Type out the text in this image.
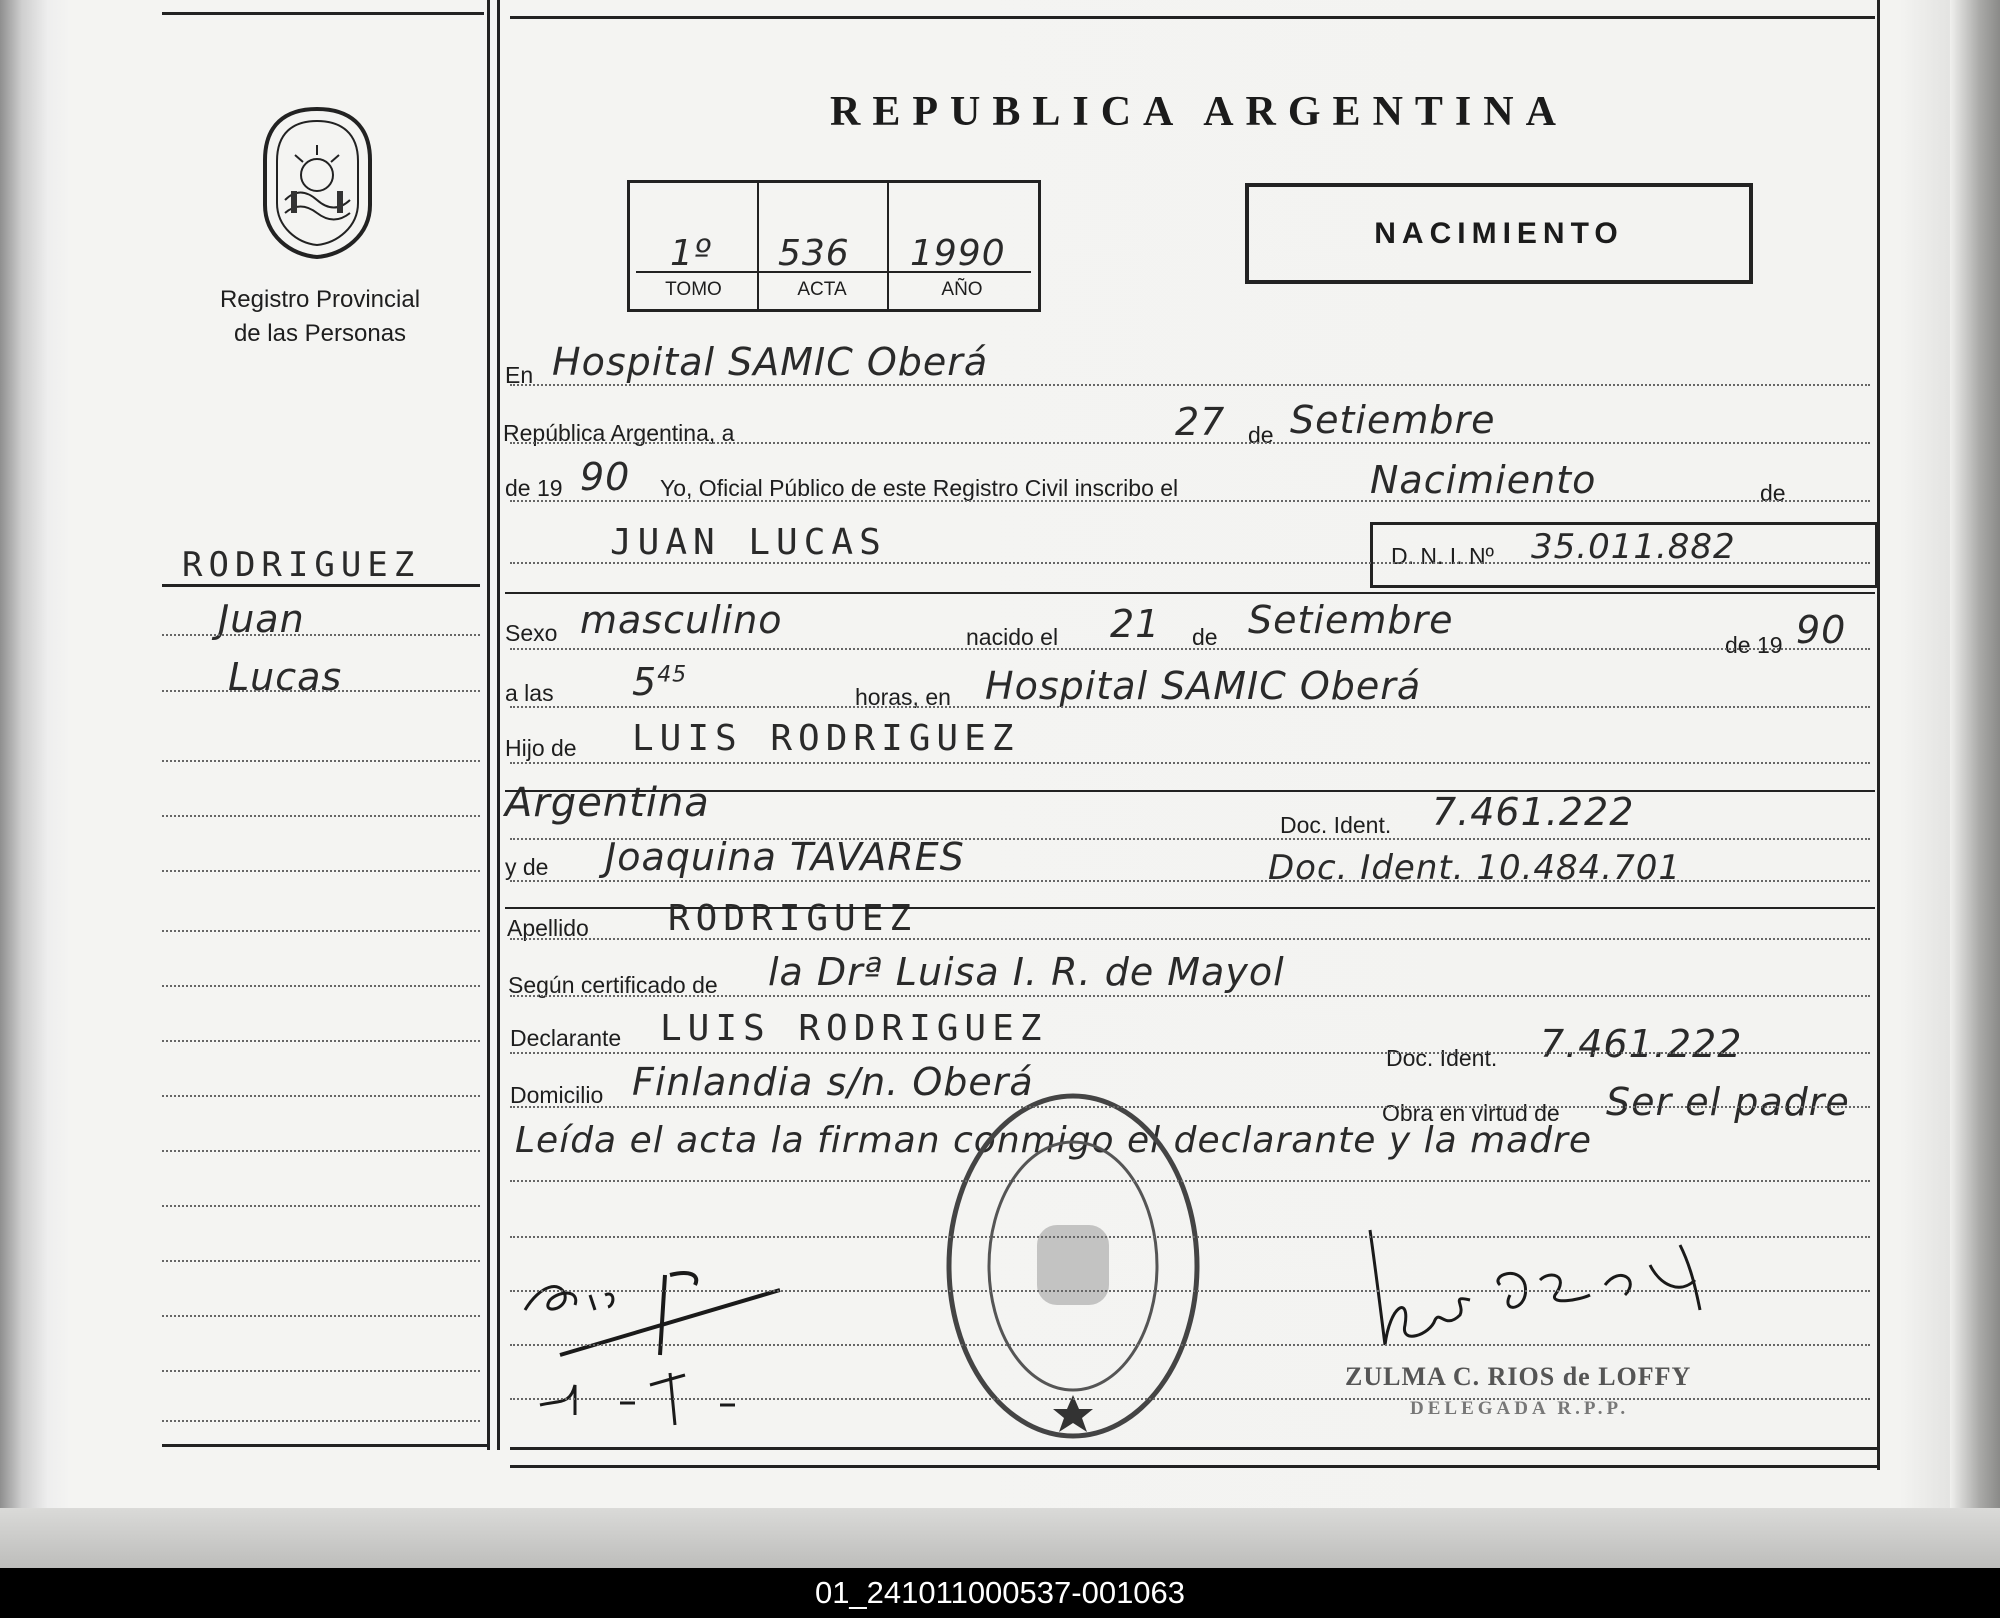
Registro Provincial
de las Personas
REPUBLICA ARGENTINA
1º 536 1990
TOMO	ACTA	AÑO
NACIMIENTO
RODRIGUEZ
Juan
Lucas
En Hospital SAMIC Oberá
República Argentina, a	27 de Setiembre
de 19 90 Yo, Oficial Público de este Registro Civil inscribo el	Nacimiento	de
JUAN LUCAS	D. N. I. Nº 35.011.882
Sexo masculino	nacido el 21 de Setiembre
de 19 90
a las $5^{45}$
horas, en Hospital SAMIC Oberá
Hijo de LUIS RODRIGUEZ
Argentina	Doc. Ident. 7.461.222
y de Joaquina TAVARES	Doc. Ident. 10.484.701
Apellido RODRIGUEZ
Según certificado de la Drª Luisa I. R. de Mayol
Declarante LUIS RODRIGUEZ
Doc. Ident. 7.461.222
Domicilio Finlandia s/n. Oberá
Obra en virtud de Ser el padre
Leída el acta la firman conmigo el declarante y la madre
ZULMA C. RIOS de LOFFY
DELEGADA R.P.P.
01_241011000537-001063
